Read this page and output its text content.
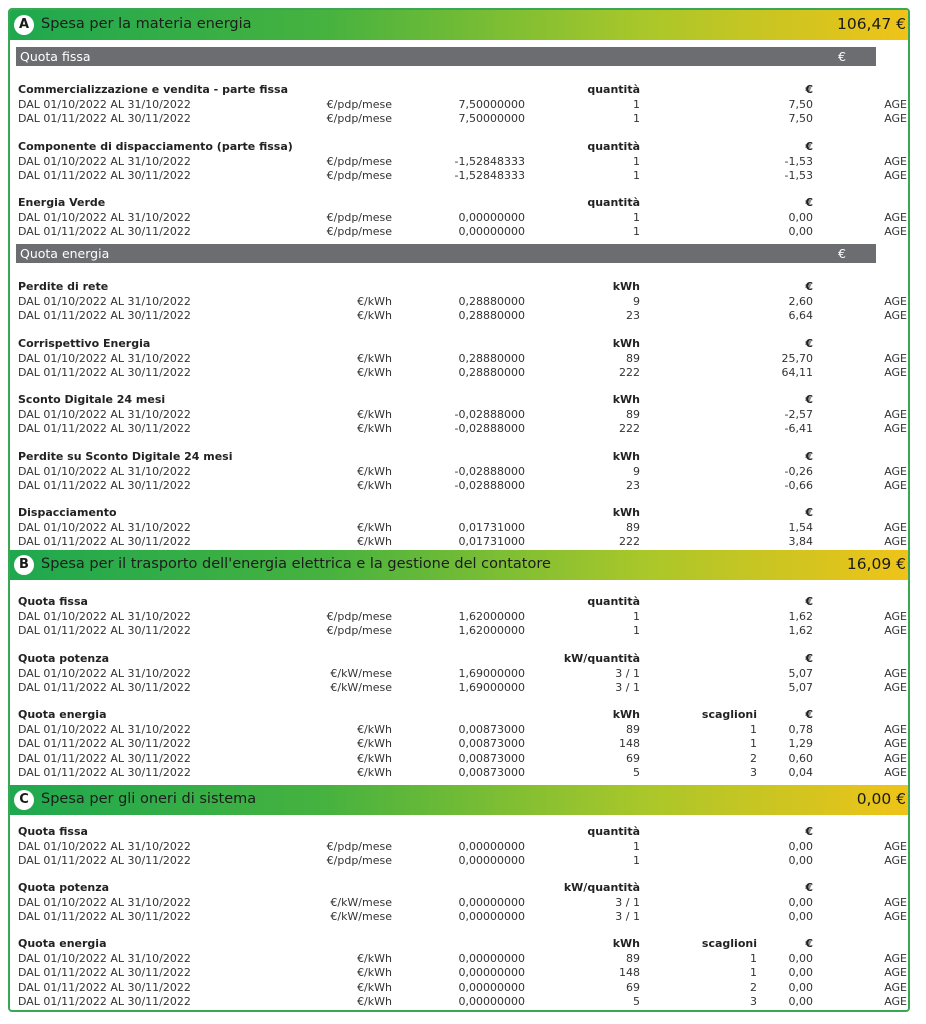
A Spesa per la materia energia	106,47 €
Quota fissa	€
Commercializzazione e vendita - parte fissa	quantità	€
DAL 01/10/2022 AL 31/10/2022	€/pdp/mese	7,50000000	1	7,50	AGE
DAL 01/11/2022 AL 30/11/2022	€/pdp/mese	7,50000000	1	7,50	AGE
Componente di dispacciamento (parte fissa)	quantità	€
DAL 01/10/2022 AL 31/10/2022	€/pdp/mese	-1,52848333	1	-1,53	AGE
DAL 01/11/2022 AL 30/11/2022	€/pdp/mese	-1,52848333	1	-1,53	AGE
Energia Verde	quantità	€
DAL 01/10/2022 AL 31/10/2022	€/pdp/mese	0,00000000	1	0,00	AGE
DAL 01/11/2022 AL 30/11/2022	€/pdp/mese	0,00000000	1	0,00	AGE
Quota energia	€
Perdite di rete	kWh	€
DAL 01/10/2022 AL 31/10/2022	€/kWh	0,28880000	9	2,60	AGE
DAL 01/11/2022 AL 30/11/2022	€/kWh	0,28880000	23	6,64	AGE
Corrispettivo Energia	kWh	€
DAL 01/10/2022 AL 31/10/2022	€/kWh	0,28880000	89	25,70	AGE
DAL 01/11/2022 AL 30/11/2022	€/kWh	0,28880000	222	64,11	AGE
Sconto Digitale 24 mesi	kWh	€
DAL 01/10/2022 AL 31/10/2022	€/kWh	-0,02888000	89	-2,57	AGE
DAL 01/11/2022 AL 30/11/2022	€/kWh	-0,02888000	222	-6,41	AGE
Perdite su Sconto Digitale 24 mesi	kWh	€
DAL 01/10/2022 AL 31/10/2022	€/kWh	-0,02888000	9	-0,26	AGE
DAL 01/11/2022 AL 30/11/2022	€/kWh	-0,02888000	23	-0,66	AGE
Dispacciamento	kWh	€
DAL 01/10/2022 AL 31/10/2022	€/kWh	0,01731000	89	1,54	AGE
DAL 01/11/2022 AL 30/11/2022	€/kWh	0,01731000	222	3,84	AGE
B Spesa per il trasporto dell'energia elettrica e la gestione del contatore	16,09 €
Quota fissa	quantità	€
DAL 01/10/2022 AL 31/10/2022	€/pdp/mese	1,62000000	1	1,62	AGE
DAL 01/11/2022 AL 30/11/2022	€/pdp/mese	1,62000000	1	1,62	AGE
Quota potenza	kW/quantità	€
DAL 01/10/2022 AL 31/10/2022	€/kW/mese	1,69000000	3 / 1	5,07	AGE
DAL 01/11/2022 AL 30/11/2022	€/kW/mese	1,69000000	3 / 1	5,07	AGE
Quota energia	kWh	scaglioni	€
DAL 01/10/2022 AL 31/10/2022	€/kWh	0,00873000	89	1	0,78	AGE
DAL 01/11/2022 AL 30/11/2022	€/kWh	0,00873000	148	1	1,29	AGE
DAL 01/11/2022 AL 30/11/2022	€/kWh	0,00873000	69	2	0,60	AGE
DAL 01/11/2022 AL 30/11/2022	€/kWh	0,00873000	5	3	0,04	AGE
C Spesa per gli oneri di sistema	0,00 €
Quota fissa	quantità	€
DAL 01/10/2022 AL 31/10/2022	€/pdp/mese	0,00000000	1	0,00	AGE
DAL 01/11/2022 AL 30/11/2022	€/pdp/mese	0,00000000	1	0,00	AGE
Quota potenza	kW/quantità	€
DAL 01/10/2022 AL 31/10/2022	€/kW/mese	0,00000000	3 / 1	0,00	AGE
DAL 01/11/2022 AL 30/11/2022	€/kW/mese	0,00000000	3 / 1	0,00	AGE
Quota energia	kWh	scaglioni	€
DAL 01/10/2022 AL 31/10/2022	€/kWh	0,00000000	89	1	0,00	AGE
DAL 01/11/2022 AL 30/11/2022	€/kWh	0,00000000	148	1	0,00	AGE
DAL 01/11/2022 AL 30/11/2022	€/kWh	0,00000000	69	2	0,00	AGE
DAL 01/11/2022 AL 30/11/2022	€/kWh	0,00000000	5	3	0,00	AGE
